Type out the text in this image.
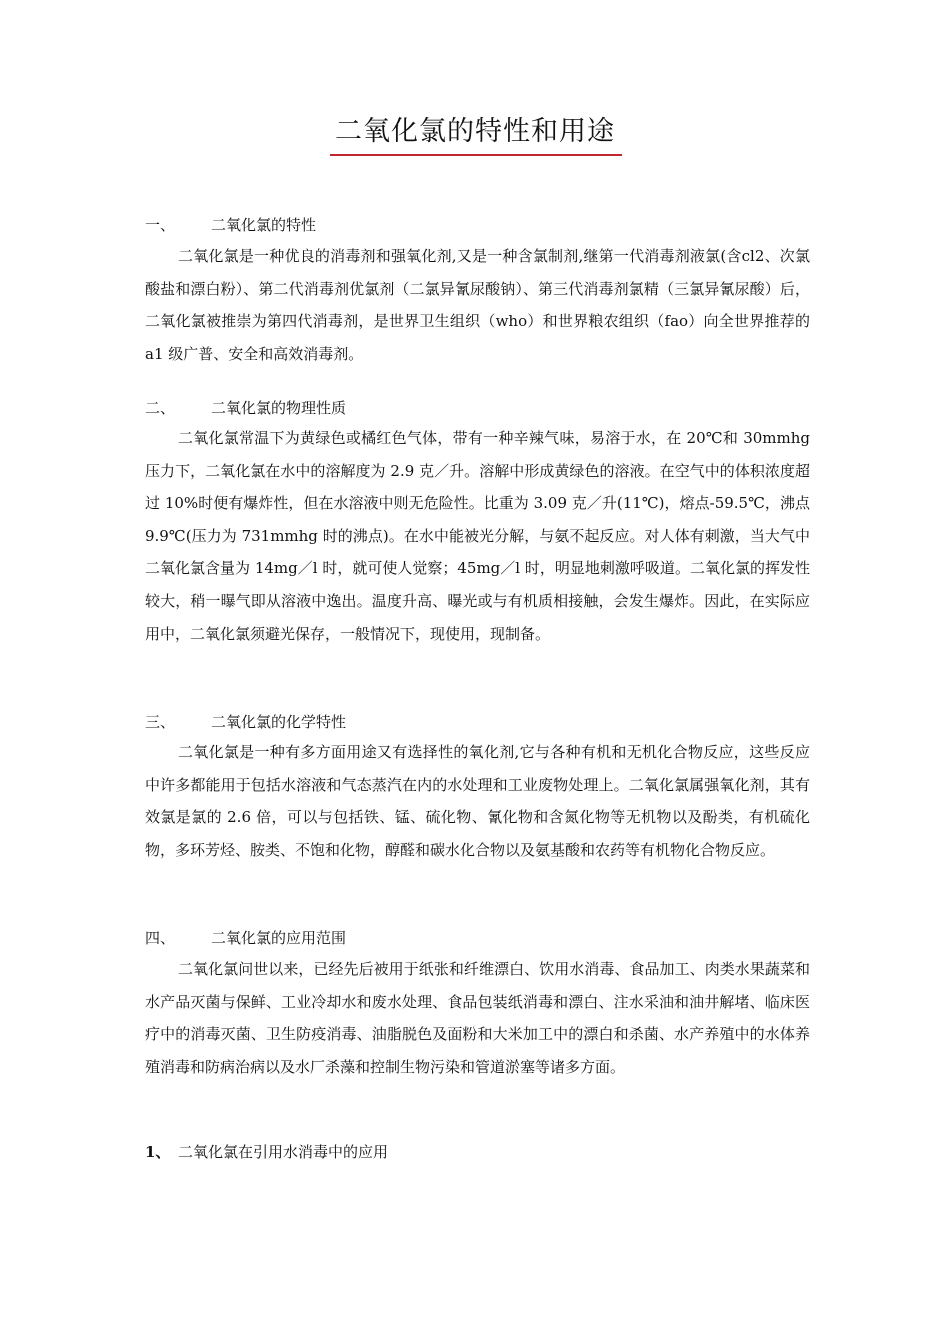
二氧化氯的特性和用途
一、 二氧化氯的特性
二氧化氯是一种优良的消毒剂和强氧化剂,又是一种含氯制剂,继第一代消毒剂液氯(含cl2、次氯酸盐和漂白粉）、第二代消毒剂优氯剂（二氯异氰尿酸钠）、第三代消毒剂氯精（三氯异氰尿酸）后，二氧化氯被推崇为第四代消毒剂，是世界卫生组织（who）和世界粮农组织（fao）向全世界推荐的 a1 级广普、安全和高效消毒剂。
二、 二氧化氯的物理性质
二氧化氯常温下为黄绿色或橘红色气体，带有一种辛辣气味，易溶于水，在 20℃和 30mmhg 压力下，二氧化氯在水中的溶解度为 2.9 克／升。溶解中形成黄绿色的溶液。在空气中的体积浓度超过 10%时便有爆炸性，但在水溶液中则无危险性。比重为 3.09 克／升(11℃)，熔点-59.5℃，沸点 9.9℃(压力为 731mmhg 时的沸点)。在水中能被光分解，与氨不起反应。对人体有刺激，当大气中二氧化氯含量为 14mg／l 时，就可使人觉察；45mg／l 时，明显地刺激呼吸道。二氧化氯的挥发性较大，稍一曝气即从溶液中逸出。温度升高、曝光或与有机质相接触，会发生爆炸。因此，在实际应用中，二氧化氯须避光保存，一般情况下，现使用，现制备。
三、 二氧化氯的化学特性
二氧化氯是一种有多方面用途又有选择性的氧化剂,它与各种有机和无机化合物反应，这些反应中许多都能用于包括水溶液和气态蒸汽在内的水处理和工业废物处理上。二氧化氯属强氧化剂，其有效氯是氯的 2.6 倍，可以与包括铁、锰、硫化物、氰化物和含氮化物等无机物以及酚类，有机硫化物，多环芳烃、胺类、不饱和化物，醇醛和碳水化合物以及氨基酸和农药等有机物化合物反应。
四、 二氧化氯的应用范围
二氧化氯问世以来，已经先后被用于纸张和纤维漂白、饮用水消毒、食品加工、肉类水果蔬菜和水产品灭菌与保鲜、工业冷却水和废水处理、食品包装纸消毒和漂白、注水采油和油井解堵、临床医疗中的消毒灭菌、卫生防疫消毒、油脂脱色及面粉和大米加工中的漂白和杀菌、水产养殖中的水体养殖消毒和防病治病以及水厂杀藻和控制生物污染和管道淤塞等诸多方面。
1、 二氧化氯在引用水消毒中的应用
